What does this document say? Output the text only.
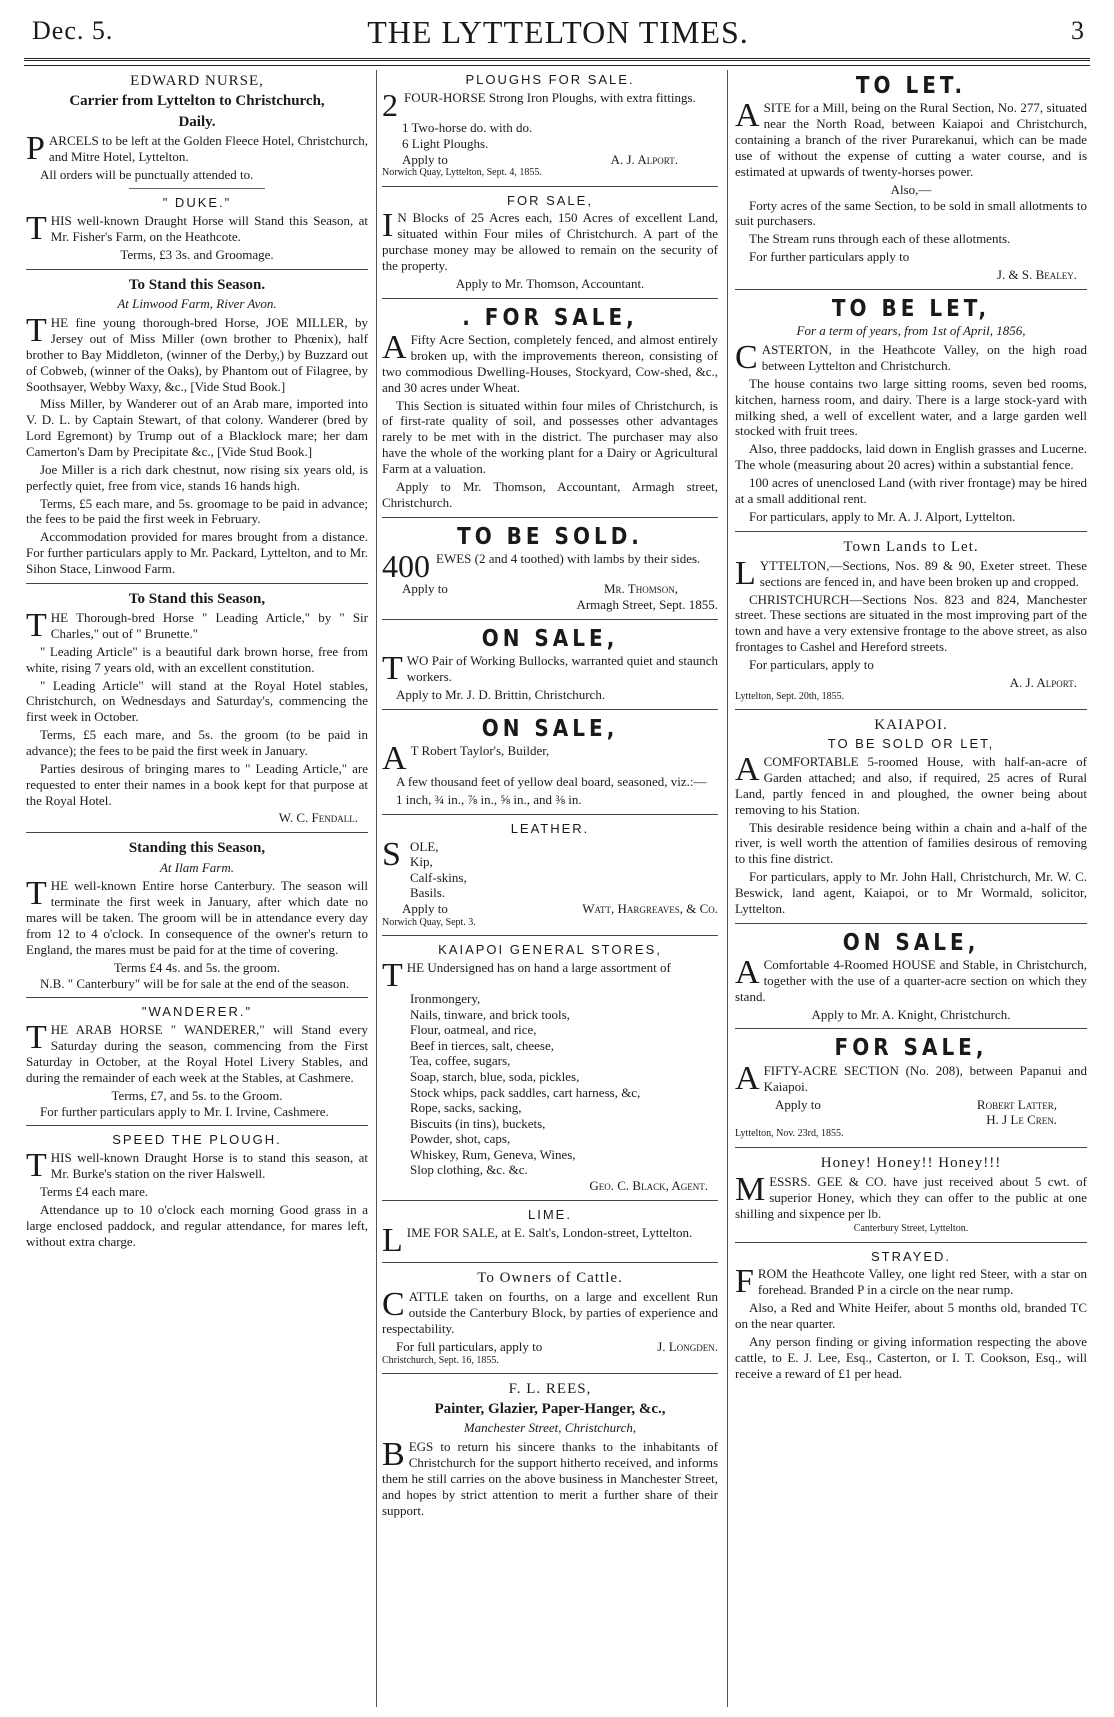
Dec. 5.	THE LYTTELTON TIMES.	3
EDWARD NURSE,
Carrier from Lyttelton to Christchurch,
Daily.

PARCELS to be left at the Golden Fleece Hotel, Christchurch, and Mitre Hotel, Lyttelton.

All orders will be punctually attended to.

" DUKE."

THIS well-known Draught Horse will Stand this Season, at Mr. Fisher's Farm, on the Heathcote.

Terms, £3 3s. and Groomage.
To Stand this Season.
At Linwood Farm, River Avon.

THE fine young thorough-bred Horse, JOE MILLER, by Jersey out of Miss Miller (own brother to Phœnix), half brother to Bay Middleton, (winner of the Derby,) by Buzzard out of Cobweb, (winner of the Oaks), by Phantom out of Filagree, by Soothsayer, Webby Waxy, &c., [Vide Stud Book.]

Miss Miller, by Wanderer out of an Arab mare, imported into V. D. L. by Captain Stewart, of that colony. Wanderer (bred by Lord Egremont) by Trump out of a Blacklock mare; her dam Camerton's Dam by Precipitate &c., [Vide Stud Book.]

Joe Miller is a rich dark chestnut, now rising six years old, is perfectly quiet, free from vice, stands 16 hands high.

Terms, £5 each mare, and 5s. groomage to be paid in advance; the fees to be paid the first week in February.

Accommodation provided for mares brought from a distance. For further particulars apply to Mr. Packard, Lyttelton, and to Mr. Sihon Stace, Linwood Farm.

To Stand this Season,

THE Thorough-bred Horse " Leading Article," by " Sir Charles," out of " Brunette."

" Leading Article" is a beautiful dark brown horse, free from white, rising 7 years old, with an excellent constitution.

" Leading Article" will stand at the Royal Hotel stables, Christchurch, on Wednesdays and Saturday's, commencing the first week in October.

Terms, £5 each mare, and 5s. the groom (to be paid in advance); the fees to be paid the first week in January.

Parties desirous of bringing mares to " Leading Article," are requested to enter their names in a book kept for that purpose at the Royal Hotel.

W. C. Fendall.
Standing this Season,
At Ilam Farm.

THE well-known Entire horse Canterbury. The season will terminate the first week in January, after which date no mares will be taken. The groom will be in attendance every day from 12 to 4 o'clock. In consequence of the owner's return to England, the mares must be paid for at the time of covering.

Terms £4 4s. and 5s. the groom.

N.B. " Canterbury" will be for sale at the end of the season.

"WANDERER."

THE ARAB HORSE " WANDERER," will Stand every Saturday during the season, commencing from the First Saturday in October, at the Royal Hotel Livery Stables, and during the remainder of each week at the Stables, at Cashmere.

Terms, £7, and 5s. to the Groom.

For further particulars apply to Mr. I. Irvine, Cashmere.

SPEED THE PLOUGH.

THIS well-known Draught Horse is to stand this season, at Mr. Burke's station on the river Halswell.

Terms £4 each mare.

Attendance up to 10 o'clock each morning Good grass in a large enclosed paddock, and regular attendance, for mares left, without extra charge.

PLOUGHS FOR SALE.

2 FOUR-HORSE Strong Iron Ploughs, with extra fittings.

1 Two-horse do. with do.
6 Light Ploughs.
Apply to	A. J. Alport.
Norwich Quay, Lyttelton, Sept. 4, 1855.
FOR SALE,

I N Blocks of 25 Acres each, 150 Acres of excellent Land, situated within Four miles of Christchurch. A part of the purchase money may be allowed to remain on the security of the property.

Apply to Mr. Thomson, Accountant.
. FOR SALE,

A Fifty Acre Section, completely fenced, and almost entirely broken up, with the improvements thereon, consisting of two commodious Dwelling-Houses, Stockyard, Cow-shed, &c., and 30 acres under Wheat.

This Section is situated within four miles of Christchurch, is of first-rate quality of soil, and possesses other advantages rarely to be met with in the district. The purchaser may also have the whole of the working plant for a Dairy or Agricultural Farm at a valuation.

Apply to Mr. Thomson, Accountant, Armagh street, Christchurch.

TO BE SOLD.

400 EWES (2 and 4 toothed) with lambs by their sides.

Apply to	Mr. Thomson,
Armagh Street, Sept. 1855.
ON SALE,

TWO Pair of Working Bullocks, warranted quiet and staunch workers.

Apply to Mr. J. D. Brittin, Christchurch.

ON SALE,

A T Robert Taylor's, Builder,

A few thousand feet of yellow deal board, seasoned, viz.:—

1 inch, ¾ in., ⅞ in., ⅝ in., and ⅜ in.

LEATHER.
S OLE,
Kip,
Calf-skins,
Basils.
Apply to	Watt, Hargreaves, & Co.
Norwich Quay, Sept. 3.
KAIAPOI GENERAL STORES,

THE Undersigned has on hand a large assortment of

Ironmongery,
Nails, tinware, and brick tools,
Flour, oatmeal, and rice,
Beef in tierces, salt, cheese,
Tea, coffee, sugars,
Soap, starch, blue, soda, pickles,
Stock whips, pack saddles, cart harness, &c,
Rope, sacks, sacking,
Biscuits (in tins), buckets,
Powder, shot, caps,
Whiskey, Rum, Geneva, Wines,
Slop clothing, &c. &c.
Geo. C. Black, Agent.
LIME.

LIME FOR SALE, at E. Salt's, London-street, Lyttelton.

To Owners of Cattle.

CATTLE taken on fourths, on a large and excellent Run outside the Canterbury Block, by parties of experience and respectability.

For full particulars, apply to	J. Longden.
Christchurch, Sept. 16, 1855.
F. L. REES,
Painter, Glazier, Paper-Hanger, &c.,
Manchester Street, Christchurch,

BEGS to return his sincere thanks to the inhabitants of Christchurch for the support hitherto received, and informs them he still carries on the above business in Manchester Street, and hopes by strict attention to merit a further share of their support.

TO LET.

ASITE for a Mill, being on the Rural Section, No. 277, situated near the North Road, between Kaiapoi and Christchurch, containing a branch of the river Purarekanui, which can be made use of without the expense of cutting a water course, and is estimated at upwards of twenty-horses power.

Also,—

Forty acres of the same Section, to be sold in small allotments to suit purchasers.

The Stream runs through each of these allotments.

For further particulars apply to

J. & S. Bealey.
TO BE LET,
For a term of years, from 1st of April, 1856,

CASTERTON, in the Heathcote Valley, on the high road between Lyttelton and Christchurch.

The house contains two large sitting rooms, seven bed rooms, kitchen, harness room, and dairy. There is a large stock-yard with milking shed, a well of excellent water, and a large garden well stocked with fruit trees.

Also, three paddocks, laid down in English grasses and Lucerne. The whole (measuring about 20 acres) within a substantial fence.

100 acres of unenclosed Land (with river frontage) may be hired at a small additional rent.

For particulars, apply to Mr. A. J. Alport, Lyttelton.

Town Lands to Let.

LYTTELTON,—Sections, Nos. 89 & 90, Exeter street. These sections are fenced in, and have been broken up and cropped.

CHRISTCHURCH—Sections Nos. 823 and 824, Manchester street. These sections are situated in the most improving part of the town and have a very extensive frontage to the above street, as also frontages to Cashel and Hereford streets.

For particulars, apply to

A. J. Alport.
Lyttelton, Sept. 20th, 1855.
KAIAPOI.
TO BE SOLD OR LET,

ACOMFORTABLE 5-roomed House, with half-an-acre of Garden attached; and also, if required, 25 acres of Rural Land, partly fenced in and ploughed, the owner being about removing to his Station.

This desirable residence being within a chain and a-half of the river, is well worth the attention of families desirous of removing to this fine district.

For particulars, apply to Mr. John Hall, Christchurch, Mr. W. C. Beswick, land agent, Kaiapoi, or to Mr Wormald, solicitor, Lyttelton.

ON SALE,

A Comfortable 4-Roomed HOUSE and Stable, in Christchurch, together with the use of a quarter-acre section on which they stand.

Apply to Mr. A. Knight, Christchurch.
FOR SALE,

AFIFTY-ACRE SECTION (No. 208), between Papanui and Kaiapoi.

Apply to	Robert Latter,
H. J Le Cren.
Lyttelton, Nov. 23rd, 1855.
Honey! Honey!! Honey!!!

MESSRS. GEE & CO. have just received about 5 cwt. of superior Honey, which they can offer to the public at one shilling and sixpence per lb.

Canterbury Street, Lyttelton.
STRAYED.

FROM the Heathcote Valley, one light red Steer, with a star on forehead. Branded P in a circle on the near rump.

Also, a Red and White Heifer, about 5 months old, branded TC on the near quarter.

Any person finding or giving information respecting the above cattle, to E. J. Lee, Esq., Casterton, or I. T. Cookson, Esq., will receive a reward of £1 per head.
